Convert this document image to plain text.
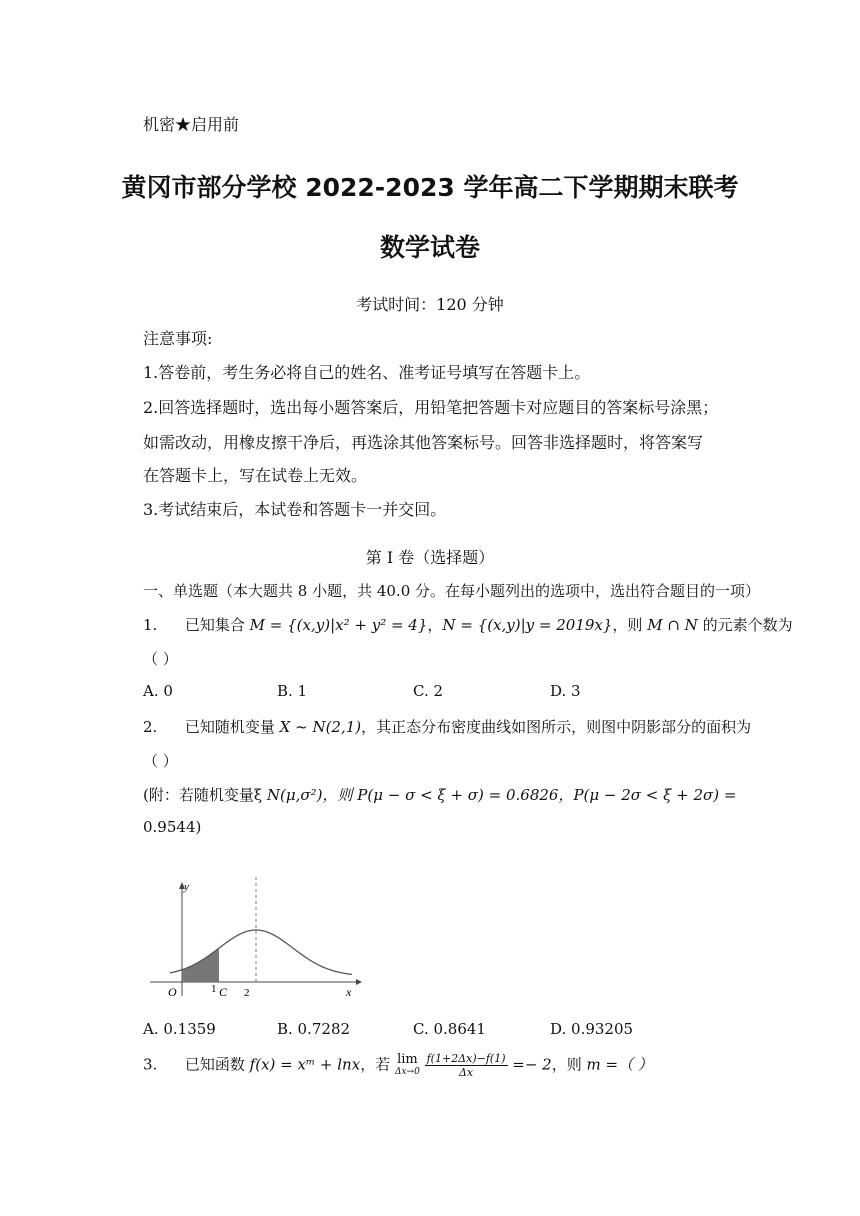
机密★启用前
黄冈市部分学校 2022-2023 学年高二下学期期末联考
数学试卷
考试时间：120 分钟
注意事项:
1.答卷前，考生务必将自己的姓名、准考证号填写在答题卡上。
2.回答选择题时，选出每小题答案后，用铅笔把答题卡对应题目的答案标号涂黑；
如需改动，用橡皮擦干净后，再选涂其他答案标号。回答非选择题时，将答案写
在答题卡上，写在试卷上无效。
3.考试结束后，本试卷和答题卡一并交回。
第 I 卷（选择题）
一、单选题（本大题共 8 小题，共 40.0 分。在每小题列出的选项中，选出符合题目的一项）
1. 已知集合 M = {(x,y)|x² + y² = 4}，N = {(x,y)|y = 2019x}，则 M ∩ N 的元素个数为
（ ）
A. 0	B. 1	C. 2	D. 3
2. 已知随机变量 X ~ N(2,1)，其正态分布密度曲线如图所示，则图中阴影部分的面积为
（ ）
(附：若随机变量ξ N(μ,σ²)，则 P(μ − σ < ξ + σ) = 0.6826，P(μ − 2σ < ξ + 2σ) =
0.9544)
y
x
O	1 C 2
A. 0.1359	B. 0.7282	C. 0.8641	D. 0.93205
3. 已知函数 f(x) = xᵐ + lnx，若 lim
Δx→0
$\frac{f(1+2\Delta x)-f(1)}{\Delta x} =- 2$，则 m =（ ）
